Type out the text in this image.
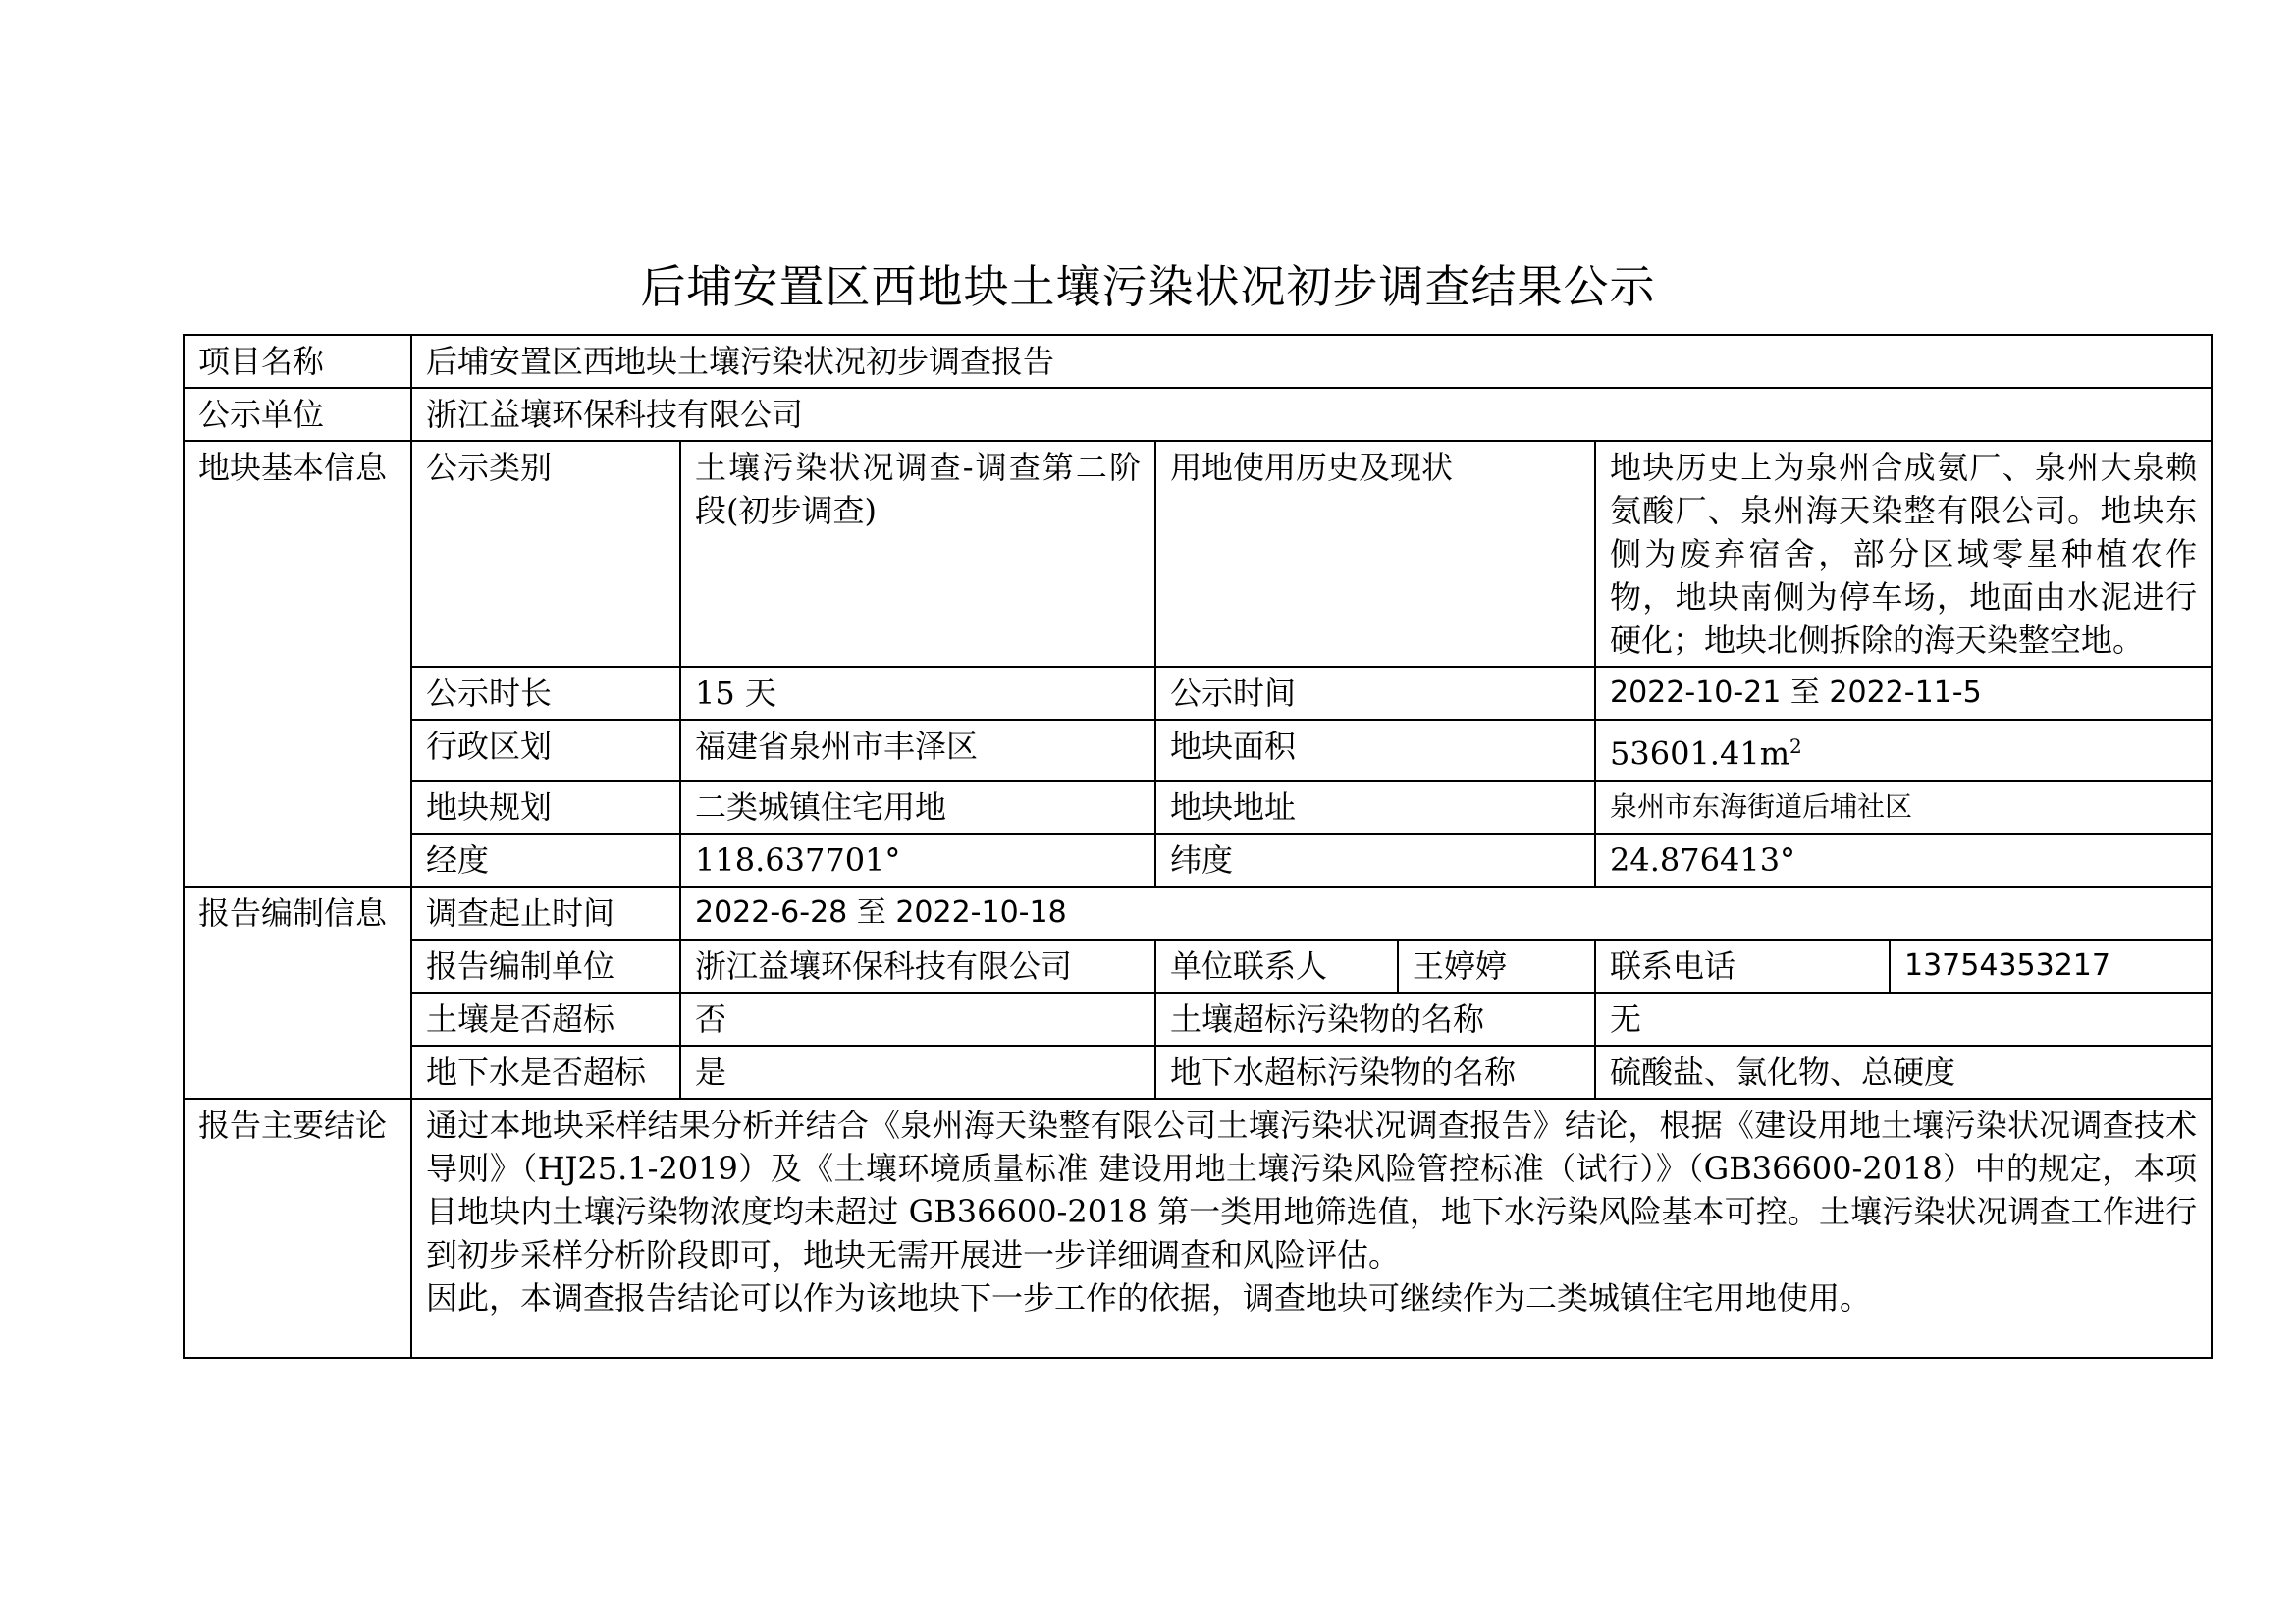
后埔安置区西地块土壤污染状况初步调查结果公示
项目名称	后埔安置区西地块土壤污染状况初步调查报告					
公示单位	浙江益壤环保科技有限公司					
地块基本信息	公示类别	土壤污染状况调查-调查第二阶段(初步调查)	用地使用历史及现状		地块历史上为泉州合成氨厂、泉州大泉赖氨酸厂、泉州海天染整有限公司。地块东侧为废弃宿舍，部分区域零星种植农作物，地块南侧为停车场，地面由水泥进行硬化；地块北侧拆除的海天染整空地。	
	公示时长	15 天	公示时间		2022-10-21 至 2022-11-5	
	行政区划	福建省泉州市丰泽区	地块面积		$53601.41m^2$
	地块规划	二类城镇住宅用地	地块地址		泉州市东海街道后埔社区	
	经度	118.637701°	纬度		24.876413°	
报告编制信息	调查起止时间	2022-6-28 至 2022-10-18				
	报告编制单位	浙江益壤环保科技有限公司	单位联系人	王婷婷	联系电话	13754353217
	土壤是否超标	否	土壤超标污染物的名称		无	
	地下水是否超标	是	地下水超标污染物的名称		硫酸盐、氯化物、总硬度	
报告主要结论	通过本地块采样结果分析并结合《泉州海天染整有限公司土壤污染状况调查报告》结论，根据《建设用地土壤污染状况调查技术导则》（HJ25.1-2019）及《土壤环境质量标准 建设用地土壤污染风险管控标准（试行）》（GB36600-2018）中的规定，本项目地块内土壤污染物浓度均未超过 GB36600-2018 第一类用地筛选值，地下水污染风险基本可控。土壤污染状况调查工作进行到初步采样分析阶段即可，地块无需开展进一步详细调查和风险评估。

因此，本调查报告结论可以作为该地块下一步工作的依据，调查地块可继续作为二类城镇住宅用地使用。					
